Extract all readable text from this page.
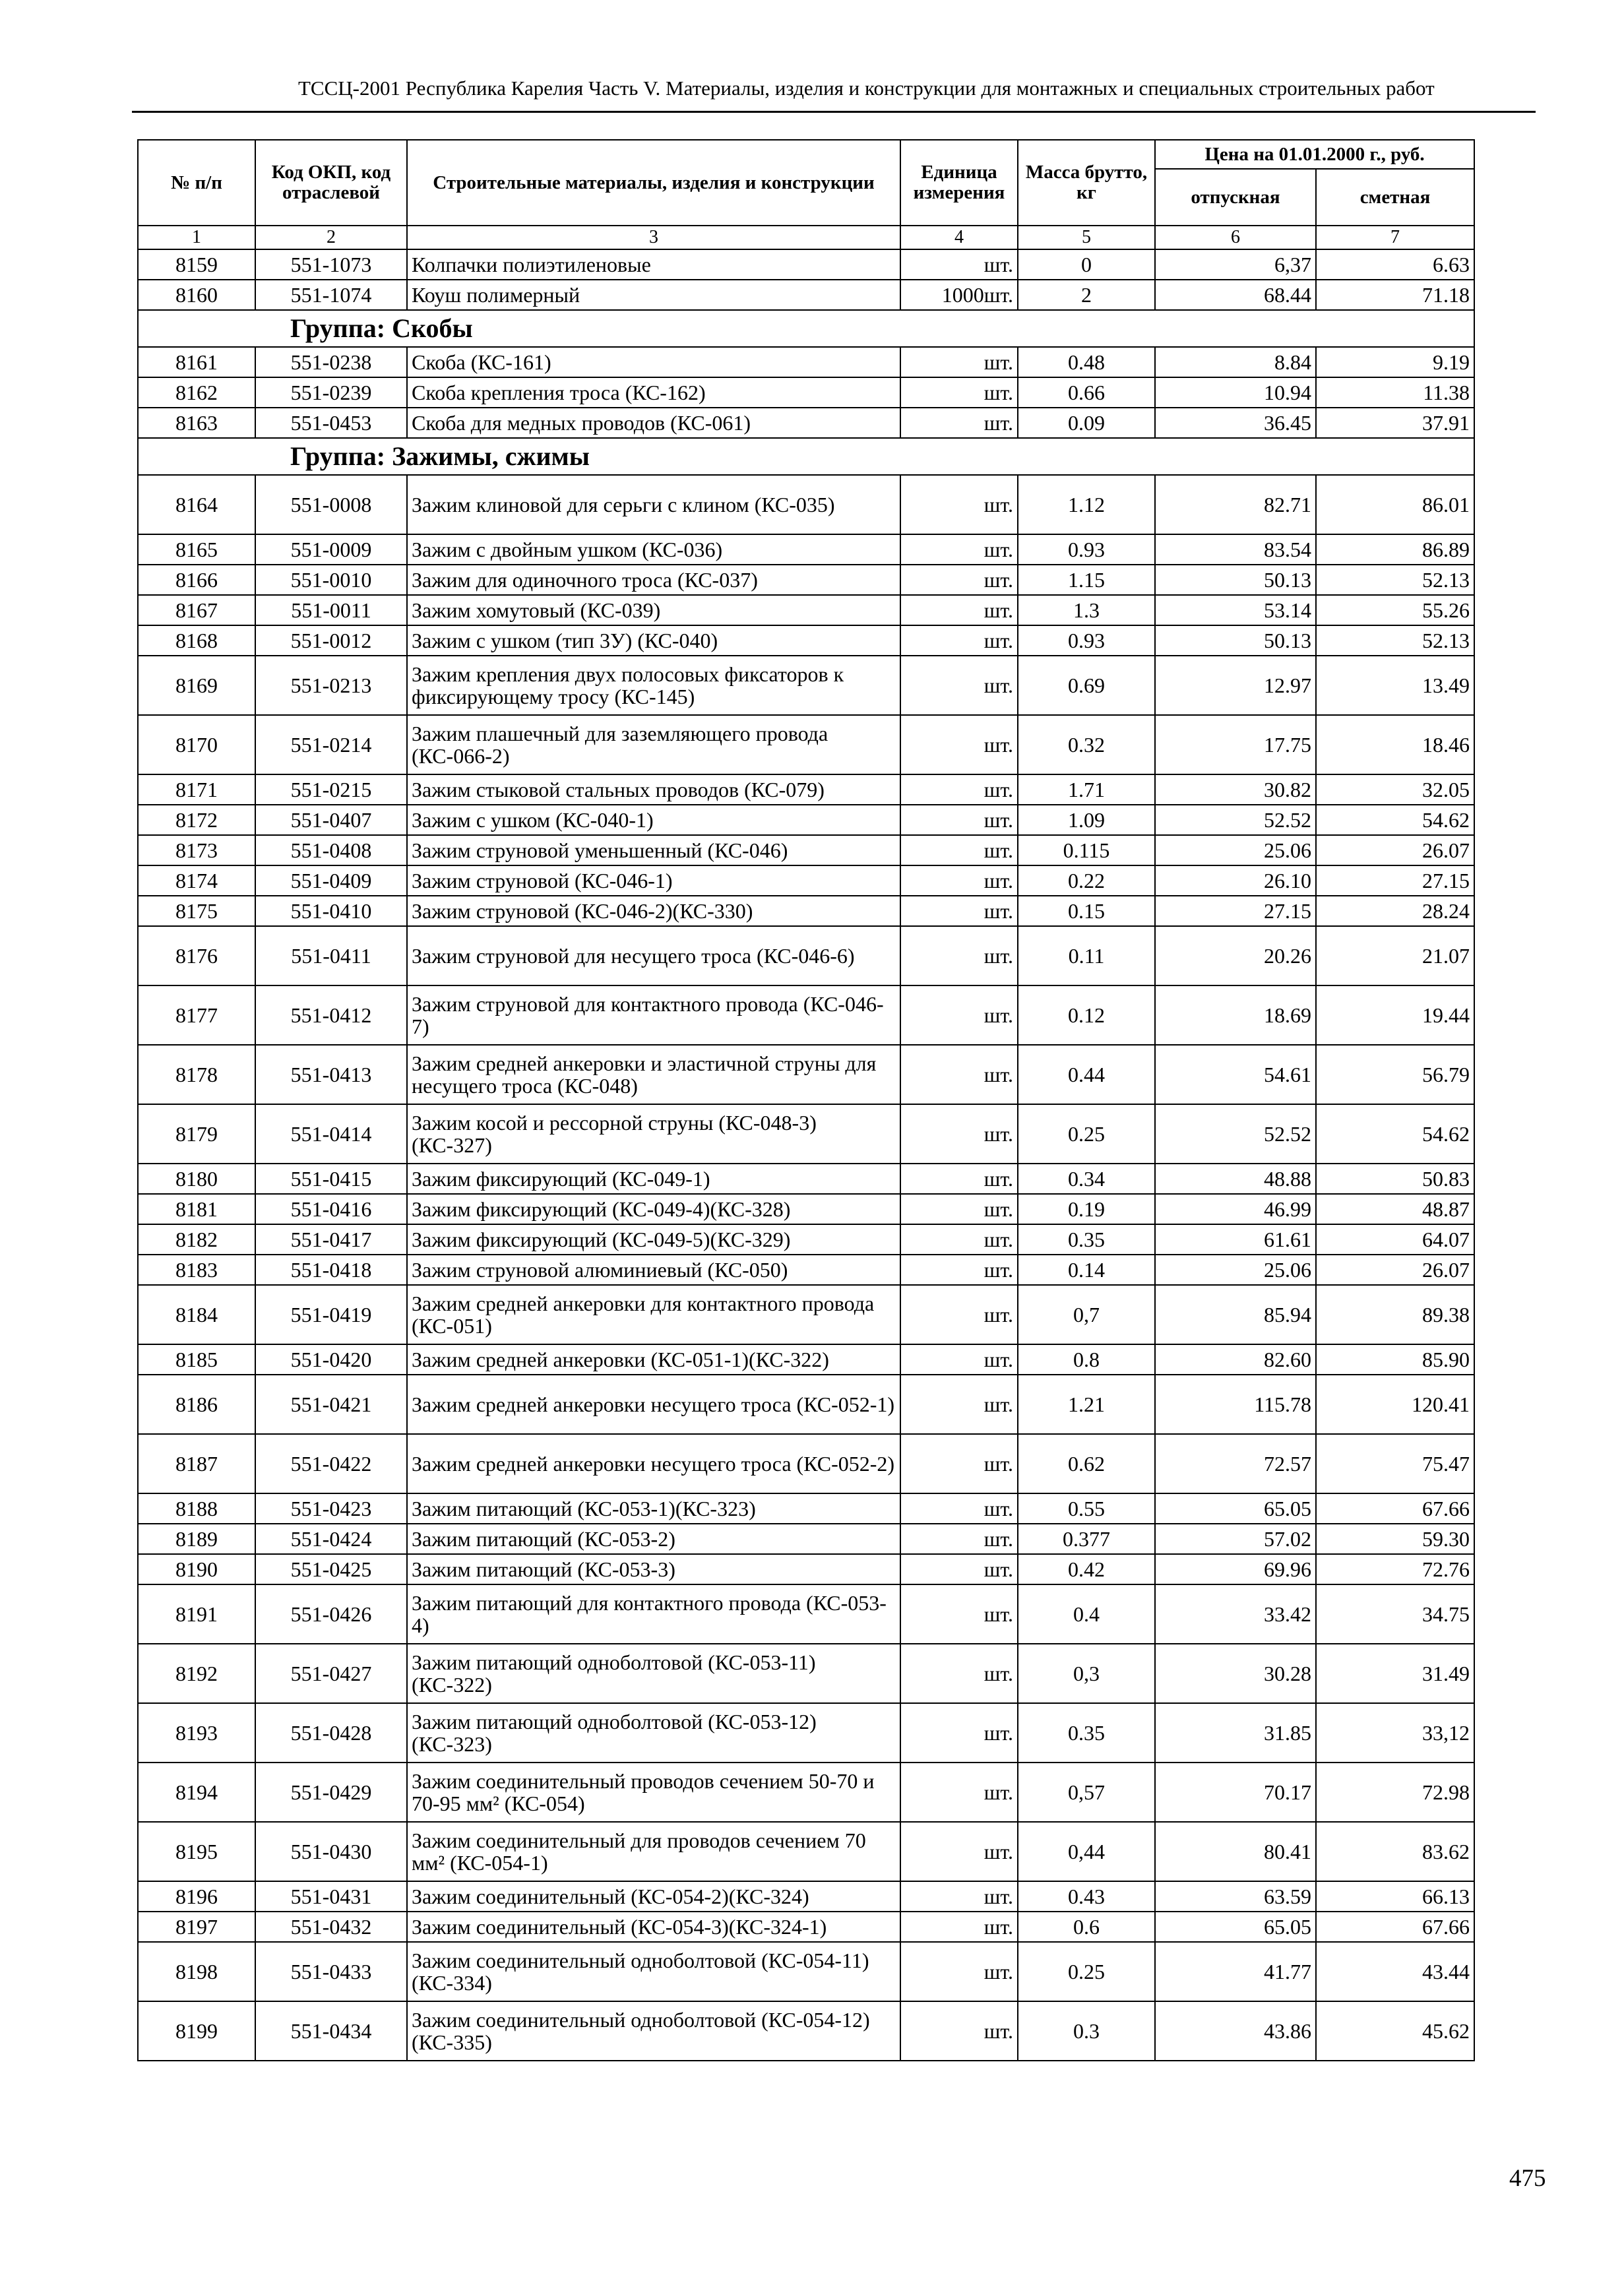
ТССЦ-2001 Республика Карелия Часть V. Материалы, изделия и конструкции для монтажных и специальных строительных работ
№ п/п	Код ОКП, код отраслевой	Строительные материалы, изделия и конструкции	Единица измерения	Масса брутто, кг	Цена на 01.01.2000 г., руб.	
					отпускная	сметная
1	2	3	4	5	6	7
8159	551-1073	Колпачки полиэтиленовые	шт.	0	6,37	6.63
8160	551-1074	Коуш полимерный	1000шт.	2	68.44	71.18
Группа: Скобы						
8161	551-0238	Скоба (КС-161)	шт.	0.48	8.84	9.19
8162	551-0239	Скоба крепления троса (КС-162)	шт.	0.66	10.94	11.38
8163	551-0453	Скоба для медных проводов (КС-061)	шт.	0.09	36.45	37.91
Группа: Зажимы, сжимы						
8164	551-0008	Зажим клиновой для серьги с клином (КС-035)	шт.	1.12	82.71	86.01
8165	551-0009	Зажим с двойным ушком (КС-036)	шт.	0.93	83.54	86.89
8166	551-0010	Зажим для одиночного троса (КС-037)	шт.	1.15	50.13	52.13
8167	551-0011	Зажим хомутовый (КС-039)	шт.	1.3	53.14	55.26
8168	551-0012	Зажим с ушком (тип 3У) (КС-040)	шт.	0.93	50.13	52.13
8169	551-0213	Зажим крепления двух полосовых фиксаторов к фиксирующему тросу (КС-145)	шт.	0.69	12.97	13.49
8170	551-0214	Зажим плашечный для заземляющего провода (КС-066-2)	шт.	0.32	17.75	18.46
8171	551-0215	Зажим стыковой стальных проводов (КС-079)	шт.	1.71	30.82	32.05
8172	551-0407	Зажим с ушком (КС-040-1)	шт.	1.09	52.52	54.62
8173	551-0408	Зажим струновой уменьшенный (КС-046)	шт.	0.115	25.06	26.07
8174	551-0409	Зажим струновой (КС-046-1)	шт.	0.22	26.10	27.15
8175	551-0410	Зажим струновой (КС-046-2)(КС-330)	шт.	0.15	27.15	28.24
8176	551-0411	Зажим струновой для несущего троса (КС-046-6)	шт.	0.11	20.26	21.07
8177	551-0412	Зажим струновой для контактного провода (КС-046-7)	шт.	0.12	18.69	19.44
8178	551-0413	Зажим средней анкеровки и эластичной струны для несущего троса (КС-048)	шт.	0.44	54.61	56.79
8179	551-0414	Зажим косой и рессорной струны (КС-048-3)(КС-327)	шт.	0.25	52.52	54.62
8180	551-0415	Зажим фиксирующий (КС-049-1)	шт.	0.34	48.88	50.83
8181	551-0416	Зажим фиксирующий (КС-049-4)(КС-328)	шт.	0.19	46.99	48.87
8182	551-0417	Зажим фиксирующий (КС-049-5)(КС-329)	шт.	0.35	61.61	64.07
8183	551-0418	Зажим струновой алюминиевый (КС-050)	шт.	0.14	25.06	26.07
8184	551-0419	Зажим средней анкеровки для контактного провода (КС-051)	шт.	0,7	85.94	89.38
8185	551-0420	Зажим средней анкеровки (КС-051-1)(КС-322)	шт.	0.8	82.60	85.90
8186	551-0421	Зажим средней анкеровки несущего троса (КС-052-1)	шт.	1.21	115.78	120.41
8187	551-0422	Зажим средней анкеровки несущего троса (КС-052-2)	шт.	0.62	72.57	75.47
8188	551-0423	Зажим питающий (КС-053-1)(КС-323)	шт.	0.55	65.05	67.66
8189	551-0424	Зажим питающий (КС-053-2)	шт.	0.377	57.02	59.30
8190	551-0425	Зажим питающий (КС-053-3)	шт.	0.42	69.96	72.76
8191	551-0426	Зажим питающий для контактного провода (КС-053-4)	шт.	0.4	33.42	34.75
8192	551-0427	Зажим питающий одноболтовой (КС-053-11)(КС-322)	шт.	0,3	30.28	31.49
8193	551-0428	Зажим питающий одноболтовой (КС-053-12)(КС-323)	шт.	0.35	31.85	33,12
8194	551-0429	Зажим соединительный проводов сечением 50-70 и 70-95 мм² (КС-054)	шт.	0,57	70.17	72.98
8195	551-0430	Зажим соединительный для проводов сечением 70 мм² (КС-054-1)	шт.	0,44	80.41	83.62
8196	551-0431	Зажим соединительный (КС-054-2)(КС-324)	шт.	0.43	63.59	66.13
8197	551-0432	Зажим соединительный (КС-054-3)(КС-324-1)	шт.	0.6	65.05	67.66
8198	551-0433	Зажим соединительный одноболтовой (КС-054-11)(КС-334)	шт.	0.25	41.77	43.44
8199	551-0434	Зажим соединительный одноболтовой (КС-054-12)(КС-335)	шт.	0.3	43.86	45.62
475
